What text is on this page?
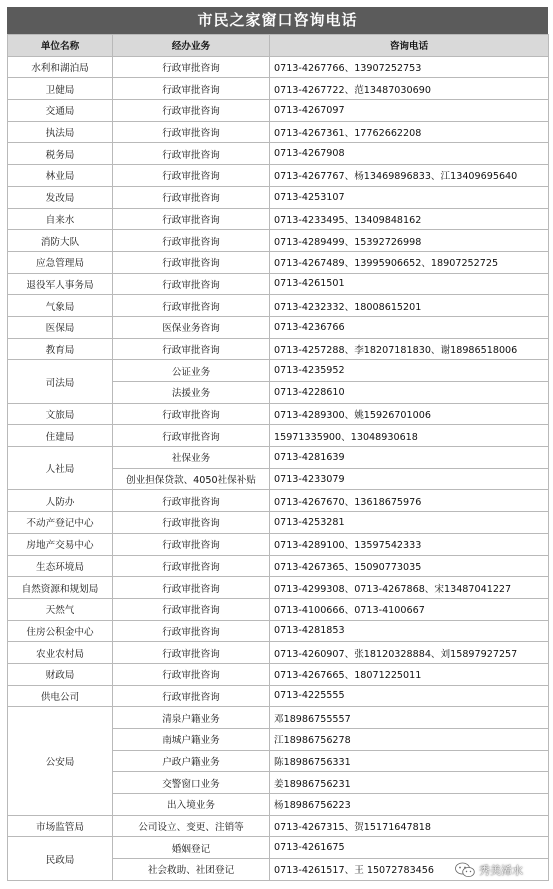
市民之家窗口咨询电话
单位名称	经办业务	咨询电话
水利和湖泊局	行政审批咨询	0713-4267766、13907252753
卫健局	行政审批咨询	0713-4267722、范13487030690
交通局	行政审批咨询	0713-4267097
执法局	行政审批咨询	0713-4267361、17762662208
税务局	行政审批咨询	0713-4267908
林业局	行政审批咨询	0713-4267767、杨13469896833、江13409695640
发改局	行政审批咨询	0713-4253107
自来水	行政审批咨询	0713-4233495、13409848162
消防大队	行政审批咨询	0713-4289499、15392726998
应急管理局	行政审批咨询	0713-4267489、13995906652、18907252725
退役军人事务局	行政审批咨询	0713-4261501
气象局	行政审批咨询	0713-4232332、18008615201
医保局	医保业务咨询	0713-4236766
教育局	行政审批咨询	0713-4257288、李18207181830、谢18986518006
司法局	公证业务	0713-4235952
	法援业务	0713-4228610
文旅局	行政审批咨询	0713-4289300、姚15926701006
住建局	行政审批咨询	15971335900、13048930618
人社局	社保业务	0713-4281639
	创业担保贷款、4050社保补贴	0713-4233079
人防办	行政审批咨询	0713-4267670、13618675976
不动产登记中心	行政审批咨询	0713-4253281
房地产交易中心	行政审批咨询	0713-4289100、13597542333
生态环境局	行政审批咨询	0713-4267365、15090773035
自然资源和规划局	行政审批咨询	0713-4299308、0713-4267868、宋13487041227
天然气	行政审批咨询	0713-4100666、0713-4100667
住房公积金中心	行政审批咨询	0713-4281853
农业农村局	行政审批咨询	0713-4260907、张18120328884、刘15897927257
财政局	行政审批咨询	0713-4267665、18071225011
供电公司	行政审批咨询	0713-4225555
公安局	清泉户籍业务	邓18986755557
	南城户籍业务	江18986756278
	户政户籍业务	陈18986756331
	交警窗口业务	姜18986756231
	出入境业务	杨18986756223
市场监管局	公司设立、变更、注销等	0713-4267315、贺15171647818
民政局	婚姻登记	0713-4261675
	社会救助、社团登记	0713-4261517、王 15072783456	秀美浠水
